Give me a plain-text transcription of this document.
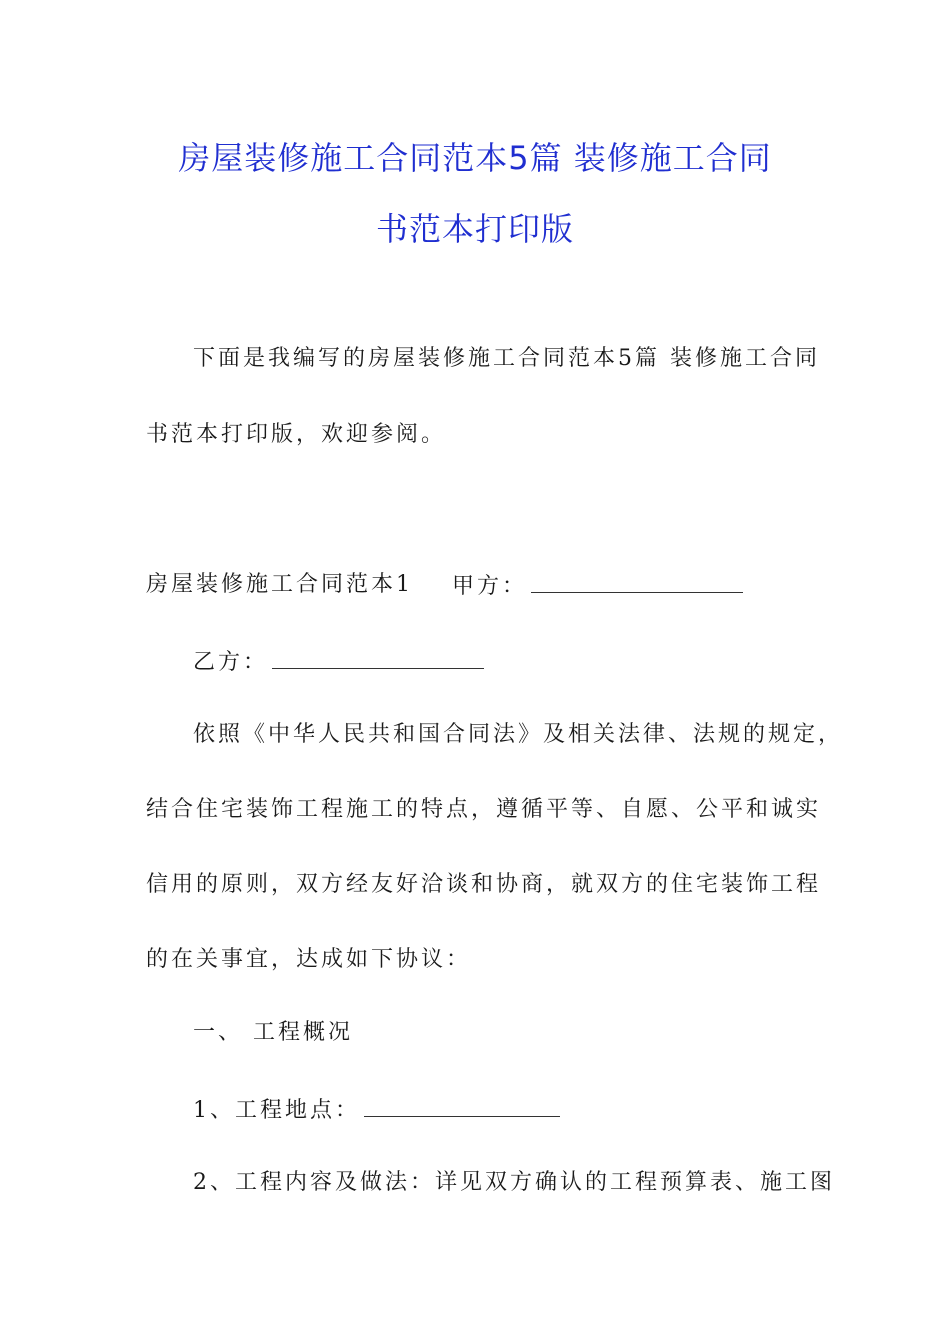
房屋装修施工合同范本5篇 装修施工合同
书范本打印版
下面是我编写的房屋装修施工合同范本5篇 装修施工合同
书范本打印版，欢迎参阅。
房屋装修施工合同范本1 甲方：
乙方：
依照《中华人民共和国合同法》及相关法律、法规的规定，
结合住宅装饰工程施工的特点，遵循平等、自愿、公平和诚实
信用的原则，双方经友好洽谈和协商，就双方的住宅装饰工程
的在关事宜，达成如下协议：
一、 工程概况
1、工程地点：
2、工程内容及做法：详见双方确认的工程预算表、施工图
